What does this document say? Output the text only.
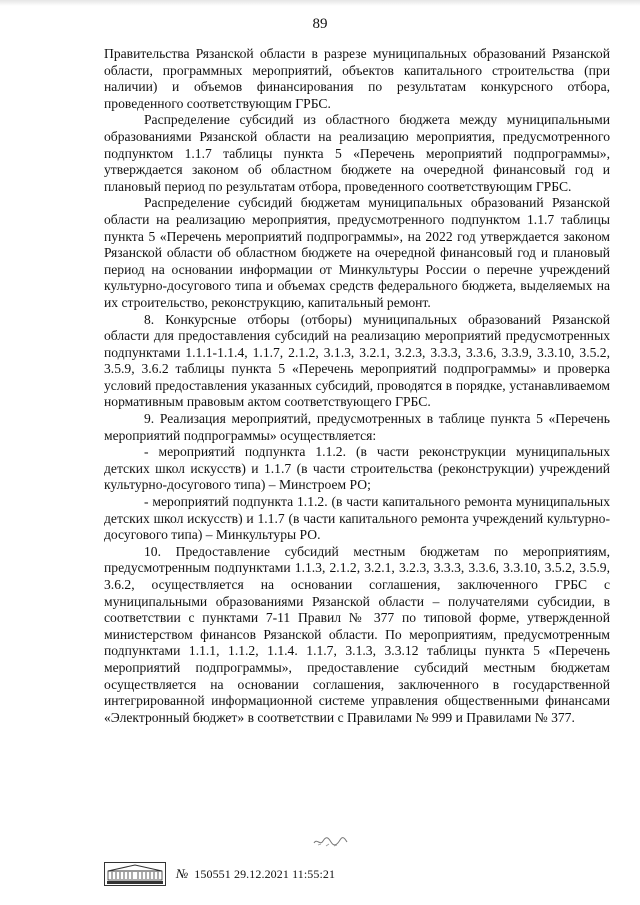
89

Правительства Рязанской области в разрезе муниципальных образований Рязанской области, программных мероприятий, объектов капитального строительства (при наличии) и объемов финансирования по результатам конкурсного отбора, проведенного соответствующим ГРБС.

Распределение субсидий из областного бюджета между муниципальными образованиями Рязанской области на реализацию мероприятия, предусмотренного подпунктом 1.1.7 таблицы пункта 5 «Перечень мероприятий подпрограммы», утверждается законом об областном бюджете на очередной финансовый год и плановый период по результатам отбора, проведенного соответствующим ГРБС.

Распределение субсидий бюджетам муниципальных образований Рязанской области на реализацию мероприятия, предусмотренного подпунктом 1.1.7 таблицы пункта 5 «Перечень мероприятий подпрограммы», на 2022 год утверждается законом Рязанской области об областном бюджете на очередной финансовый год и плановый период на основании информации от Минкультуры России о перечне учреждений культурно-досугового типа и объемах средств федерального бюджета, выделяемых на их строительство, реконструкцию, капитальный ремонт.

8. Конкурсные отборы (отборы) муниципальных образований Рязанской области для предоставления субсидий на реализацию мероприятий предусмотренных подпунктами 1.1.1-1.1.4, 1.1.7, 2.1.2, 3.1.3, 3.2.1, 3.2.3, 3.3.3, 3.3.6, 3.3.9, 3.3.10, 3.5.2, 3.5.9, 3.6.2 таблицы пункта 5 «Перечень мероприятий подпрограммы» и проверка условий предоставления указанных субсидий, проводятся в порядке, устанавливаемом нормативным правовым актом соответствующего ГРБС.

9. Реализация мероприятий, предусмотренных в таблице пункта 5 «Перечень мероприятий подпрограммы» осуществляется:

- мероприятий подпункта 1.1.2. (в части реконструкции муниципальных детских школ искусств) и 1.1.7 (в части строительства (реконструкции) учреждений культурно-досугового типа) – Минстроем РО;

- мероприятий подпункта 1.1.2. (в части капитального ремонта муниципальных детских школ искусств) и 1.1.7 (в части капитального ремонта учреждений культурно-досугового типа) – Минкультуры РО.

10. Предоставление субсидий местным бюджетам по мероприятиям, предусмотренным подпунктами 1.1.3, 2.1.2, 3.2.1, 3.2.3, 3.3.3, 3.3.6, 3.3.10, 3.5.2, 3.5.9, 3.6.2, осуществляется на основании соглашения, заключенного ГРБС с муниципальными образованиями Рязанской области – получателями субсидии, в соответствии с пунктами 7-11 Правил № 377 по типовой форме, утвержденной министерством финансов Рязанской области. По мероприятиям, предусмотренным подпунктами 1.1.1, 1.1.2, 1.1.4. 1.1.7, 3.1.3, 3.3.12 таблицы пункта 5 «Перечень мероприятий подпрограммы», предоставление субсидий местным бюджетам осуществляется на основании соглашения, заключенного в государственной интегрированной информационной системе управления общественными финансами «Электронный бюджет» в соответствии с Правилами № 999 и Правилами № 377.

№ 150551 29.12.2021 11:55:21
